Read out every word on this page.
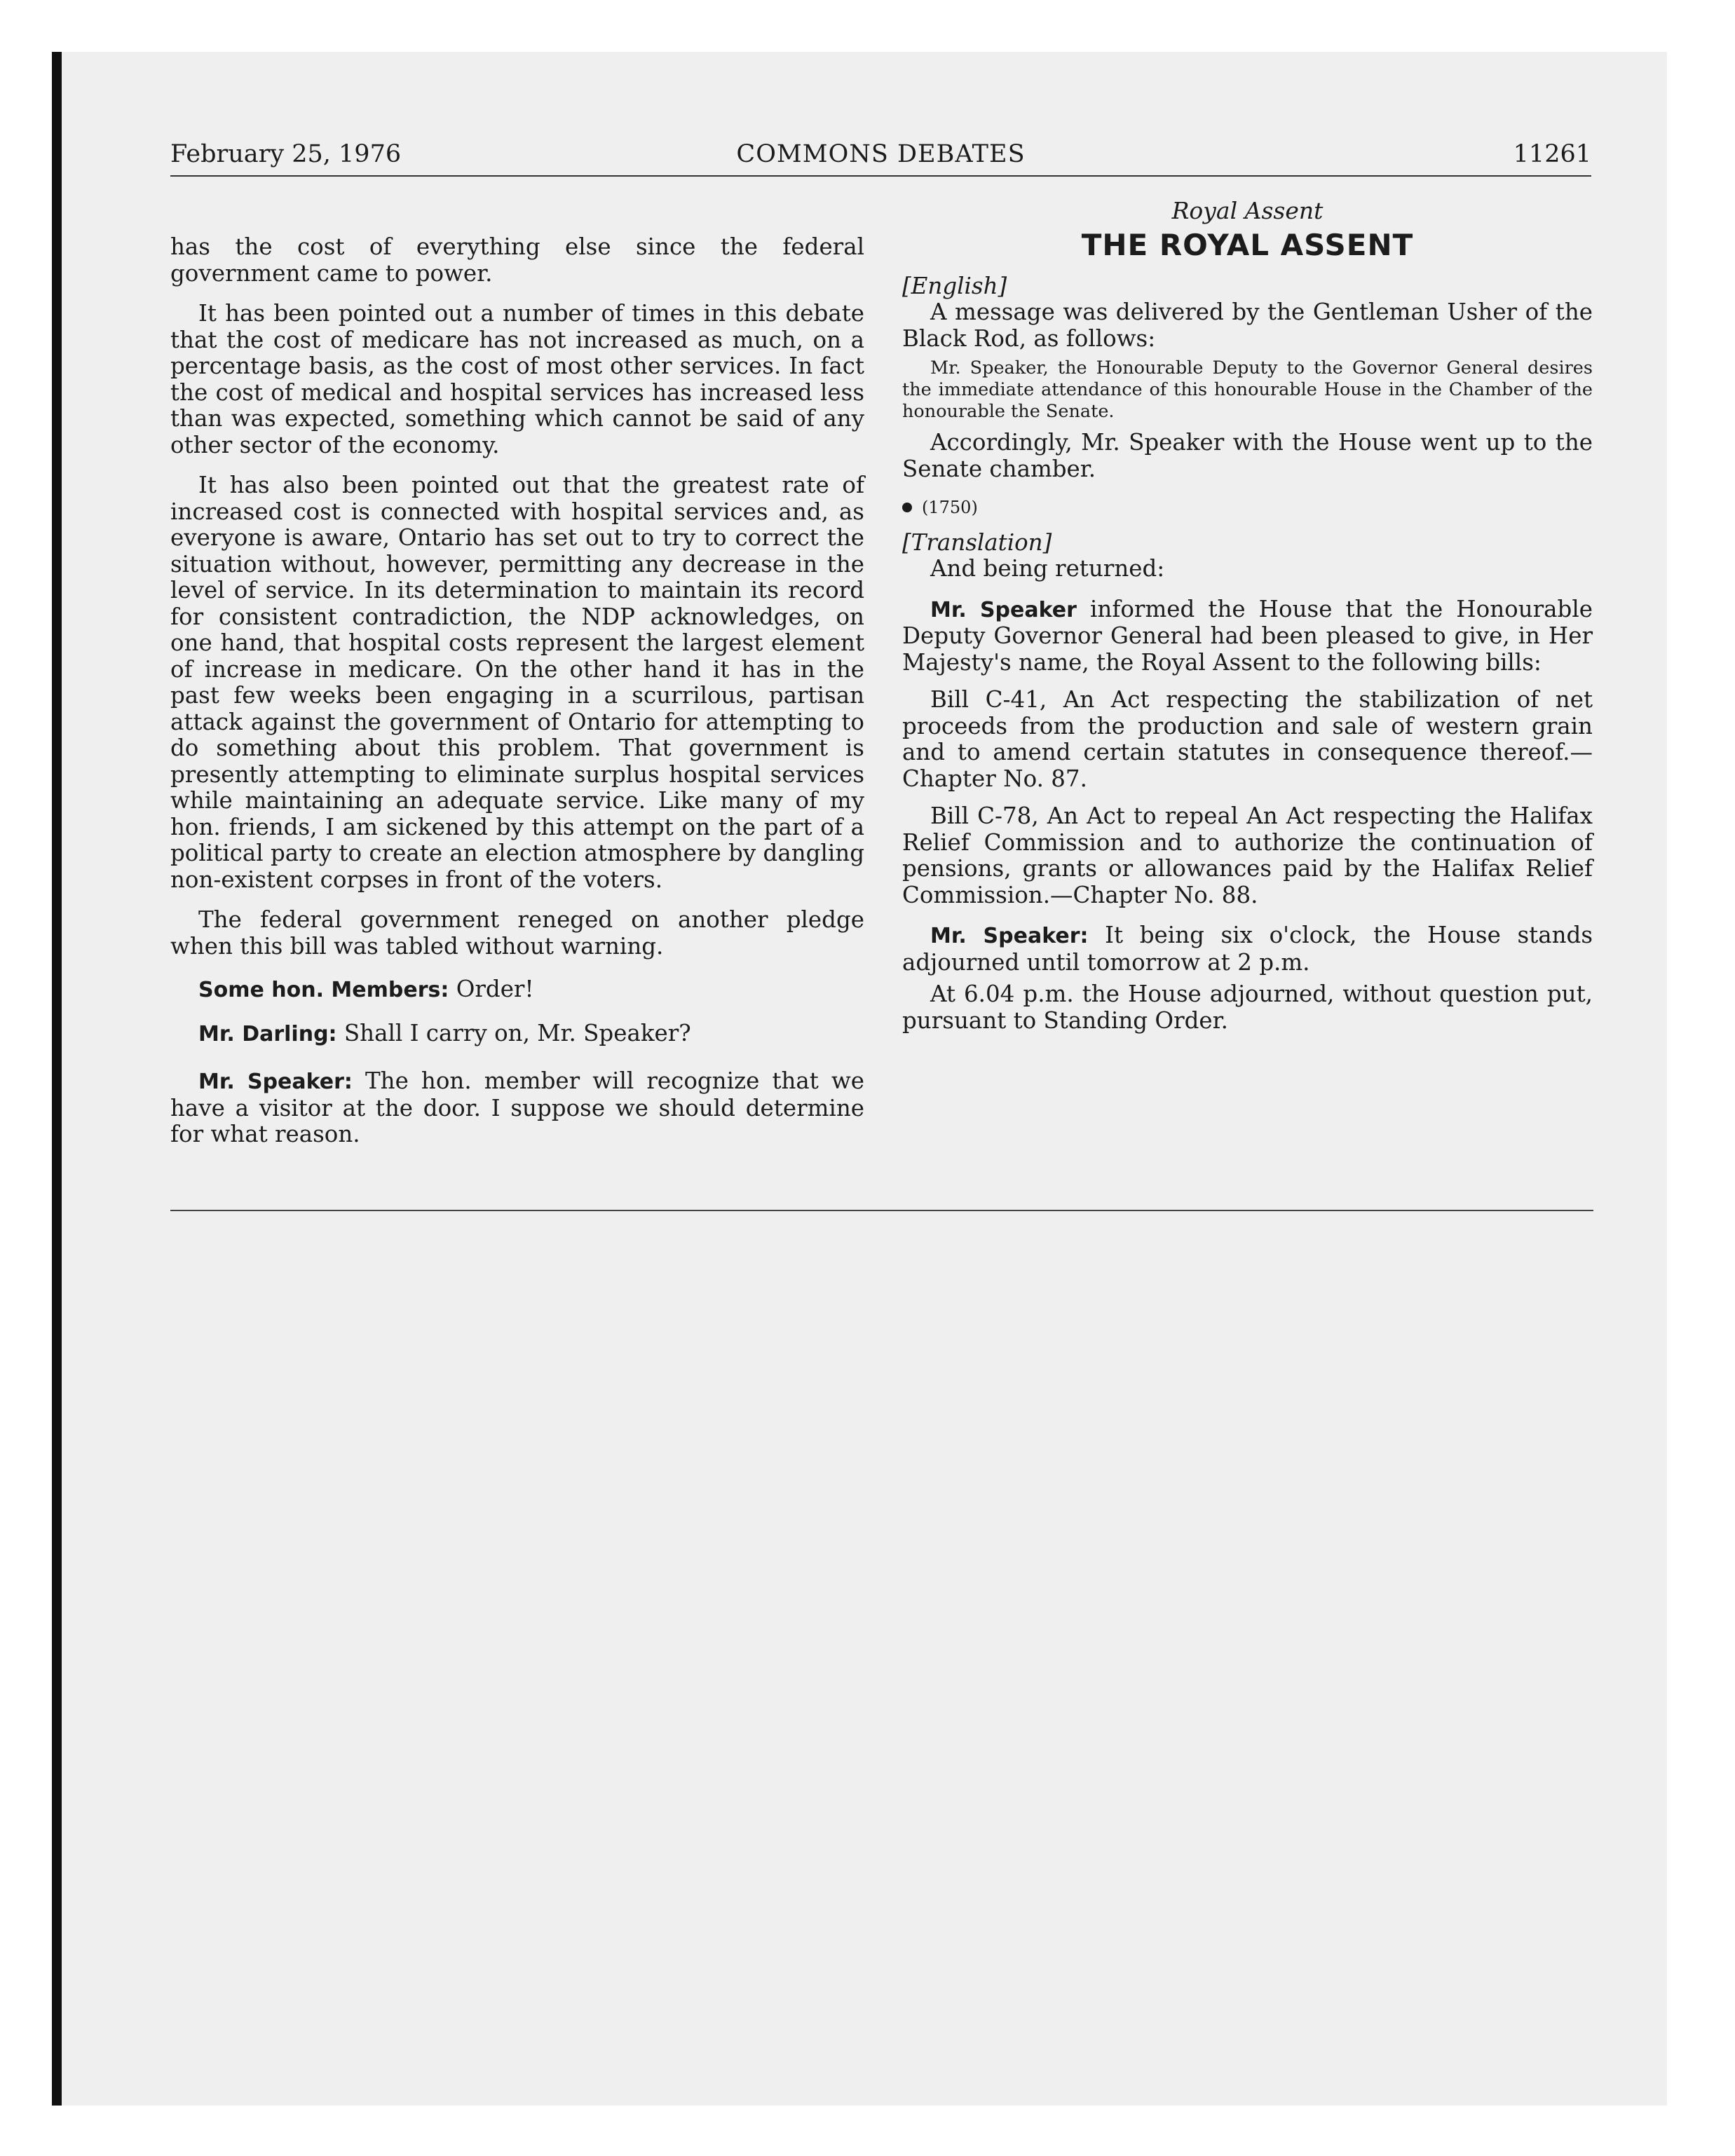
February 25, 1976	COMMONS DEBATES	11261

has the cost of everything else since the federal government came to power.

It has been pointed out a number of times in this debate that the cost of medicare has not increased as much, on a percentage basis, as the cost of most other services. In fact the cost of medical and hospital services has increased less than was expected, something which cannot be said of any other sector of the economy.

It has also been pointed out that the greatest rate of increased cost is connected with hospital services and, as everyone is aware, Ontario has set out to try to correct the situation without, however, permitting any decrease in the level of service. In its determination to maintain its record for consistent contradiction, the NDP acknowledges, on one hand, that hospital costs represent the largest element of increase in medicare. On the other hand it has in the past few weeks been engaging in a scurrilous, partisan attack against the government of Ontario for attempting to do something about this problem. That government is presently attempting to eliminate surplus hospital services while maintaining an adequate service. Like many of my hon. friends, I am sickened by this attempt on the part of a political party to create an election atmosphere by dangling non-existent corpses in front of the voters.

The federal government reneged on another pledge when this bill was tabled without warning.

Some hon. Members: Order!

Mr. Darling: Shall I carry on, Mr. Speaker?

Mr. Speaker: The hon. member will recognize that we have a visitor at the door. I suppose we should determine for what reason.

Royal Assent

THE ROYAL ASSENT

[English]

A message was delivered by the Gentleman Usher of the Black Rod, as follows:

Mr. Speaker, the Honourable Deputy to the Governor General desires the immediate attendance of this honourable House in the Chamber of the honourable the Senate.

Accordingly, Mr. Speaker with the House went up to the Senate chamber.

(1750)

[Translation]

And being returned:

Mr. Speaker informed the House that the Honourable Deputy Governor General had been pleased to give, in Her Majesty's name, the Royal Assent to the following bills:

Bill C-41, An Act respecting the stabilization of net proceeds from the production and sale of western grain and to amend certain statutes in consequence thereof.—Chapter No. 87.

Bill C-78, An Act to repeal An Act respecting the Halifax Relief Commission and to authorize the continuation of pensions, grants or allowances paid by the Halifax Relief Commission.—Chapter No. 88.

Mr. Speaker: It being six o'clock, the House stands adjourned until tomorrow at 2 p.m.

At 6.04 p.m. the House adjourned, without question put, pursuant to Standing Order.
